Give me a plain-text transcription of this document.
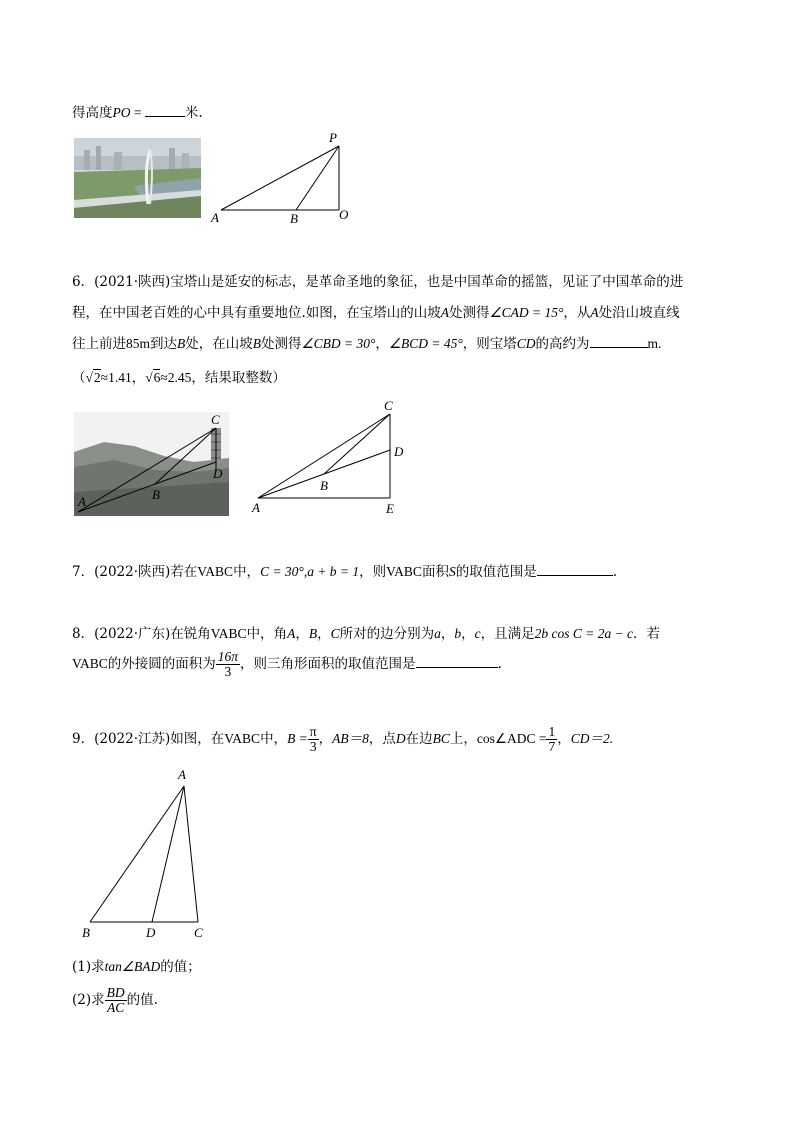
得高度PO =	米.
P
A	B	O
6．(2021·陕西)宝塔山是延安的标志，是革命圣地的象征，也是中国革命的摇篮，见证了中国革命的进
程，在中国老百姓的心中具有重要地位.如图，在宝塔山的山坡A处测得∠CAD = 15°，从A处沿山坡直线
往上前进85m到达B处，在山坡B处测得∠CBD = 30°，∠BCD = 45°，则宝塔CD的高约为	m.
（√2≈1.41，√6≈2.45，结果取整数）
C
D
B
A
C
D
B
A	E
7．(2022·陕西)若在VABC中，C = 30°,a + b = 1，则VABC面积S的取值范围是	.
8．(2022·广东)在锐角VABC中，角A，B，C所对的边分别为a，b，c，且满足2b cos C = 2a − c．若
VABC的外接圆的面积为 $\frac{16\pi}{3}$ ，则三角形面积的取值范围是	.
9．(2022·江苏)如图，在VABC中，$B = \frac{\pi}{3}$ ，AB＝8，点D在边BC上，cos∠ADC = $\frac{1}{7}$ ，CD＝2.
A
B	D	C
(1)求tan∠BAD的值；
(2)求 $\frac{BD}{AC}$ 的值.
